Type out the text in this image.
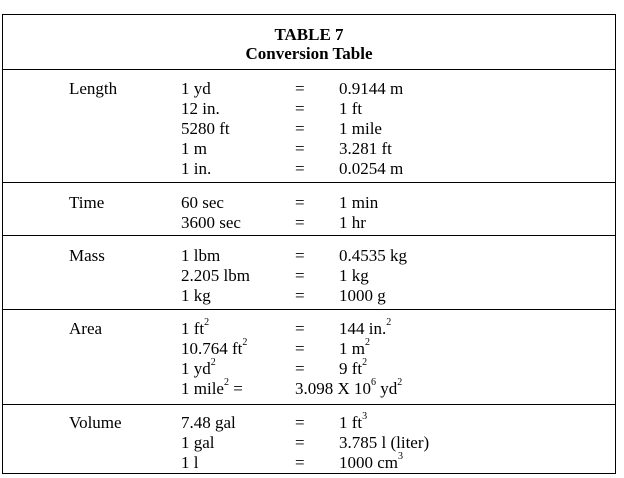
TABLE 7
Conversion Table
Length	1 yd	= 0.9144 m
12 in.	= 1 ft
5280 ft	= 1 mile
1 m	= 3.281 ft
1 in.	= 0.0254 m
Time	60 sec	= 1 min
3600 sec	= 1 hr
Mass	1 lbm	= 0.4535 kg
2.205 lbm	= 1 kg
1 kg	= 1000 g
Area	1 $ft^2$	= 144 in.$^2$
10.764 $ft^2$	= 1 $m^2$
1 $yd^2$	= 9 $ft^2$
1 mile$^2$ =	3.098 X $10^6$ $yd^2$
Volume	7.48 gal	= 1 $ft^3$
1 gal	= 3.785 l (liter)
1 l	= 1000 $cm^3$
